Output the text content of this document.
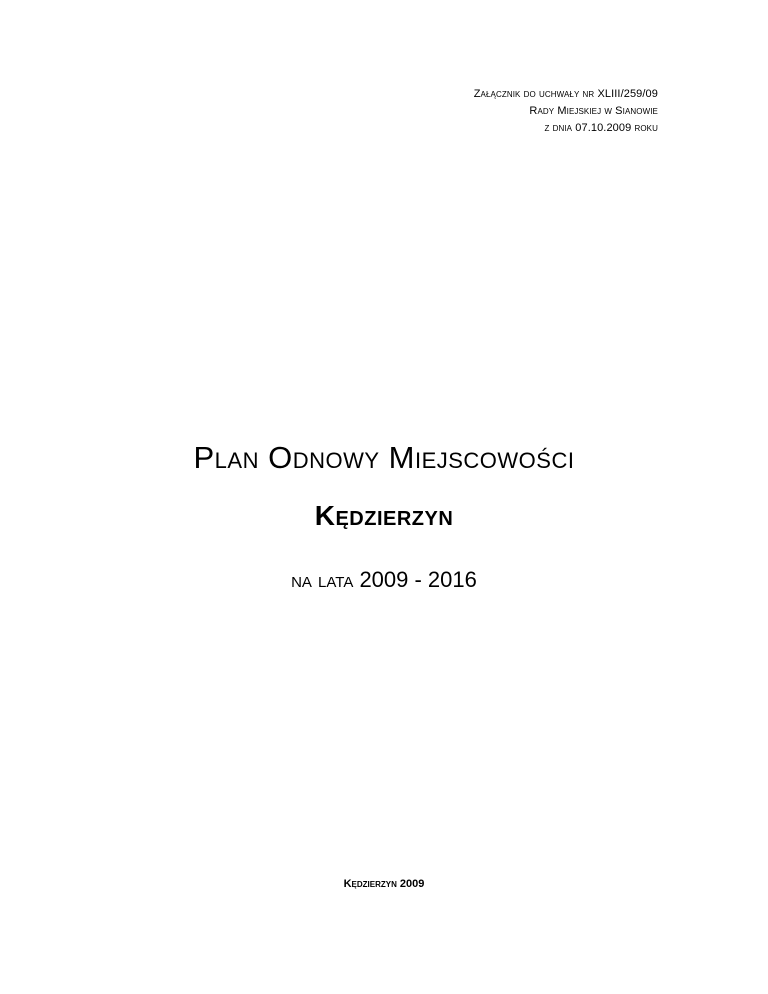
Załącznik do uchwały nr XLIII/259/09
Rady Miejskiej w Sianowie
z dnia 07.10.2009 roku
Plan Odnowy Miejscowości
Kędzierzyn
na lata 2009 - 2016
Kędzierzyn 2009
